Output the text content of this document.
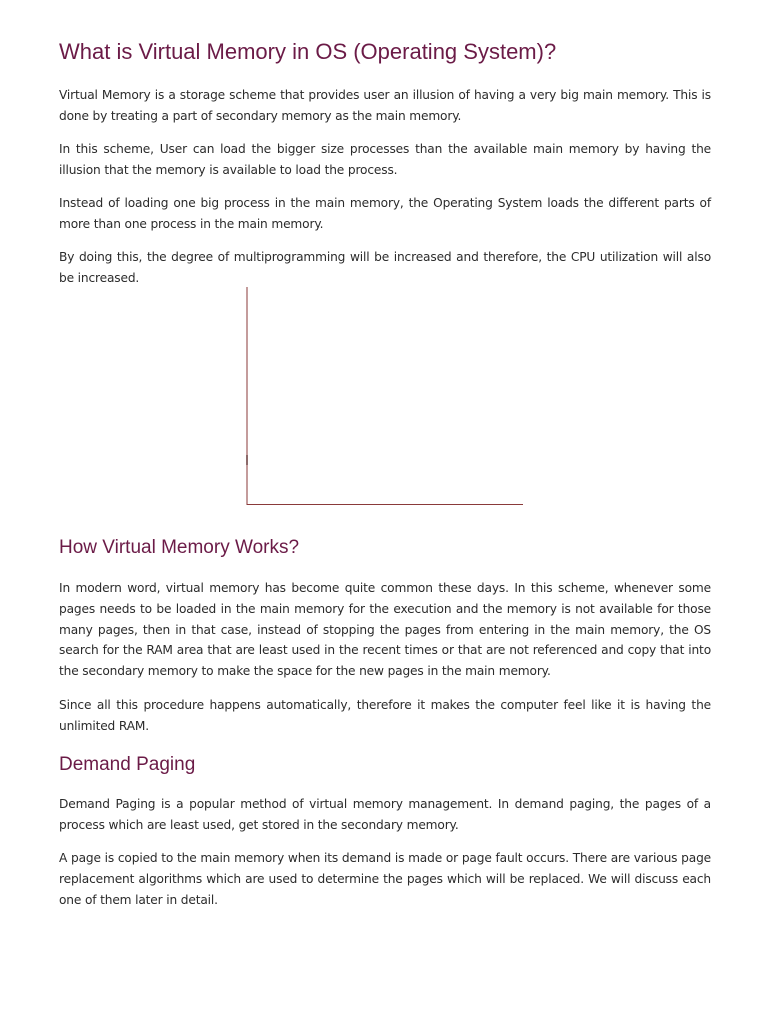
What is Virtual Memory in OS (Operating System)?

Virtual Memory is a storage scheme that provides user an illusion of having a very big main memory. This is done by treating a part of secondary memory as the main memory.

In this scheme, User can load the bigger size processes than the available main memory by having the illusion that the memory is available to load the process.

Instead of loading one big process in the main memory, the Operating System loads the different parts of more than one process in the main memory.

By doing this, the degree of multiprogramming will be increased and therefore, the CPU utilization will also be increased.

How Virtual Memory Works?

In modern word, virtual memory has become quite common these days. In this scheme, whenever some pages needs to be loaded in the main memory for the execution and the memory is not available for those many pages, then in that case, instead of stopping the pages from entering in the main memory, the OS search for the RAM area that are least used in the recent times or that are not referenced and copy that into the secondary memory to make the space for the new pages in the main memory.

Since all this procedure happens automatically, therefore it makes the computer feel like it is having the unlimited RAM.

Demand Paging

Demand Paging is a popular method of virtual memory management. In demand paging, the pages of a process which are least used, get stored in the secondary memory.

A page is copied to the main memory when its demand is made or page fault occurs. There are various page replacement algorithms which are used to determine the pages which will be replaced. We will discuss each one of them later in detail.
